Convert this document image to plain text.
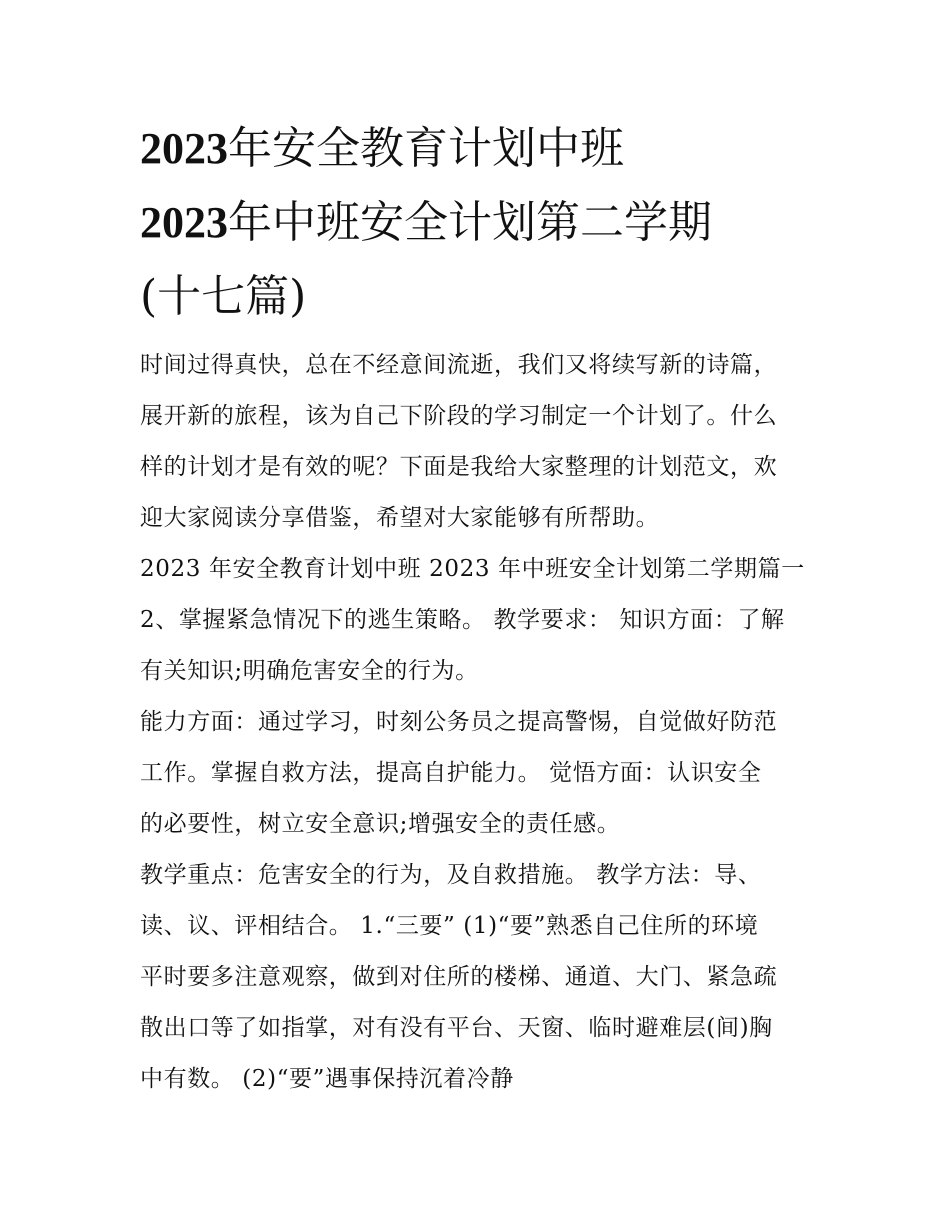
2023年安全教育计划中班
2023年中班安全计划第二学期
(十七篇)

时间过得真快，总在不经意间流逝，我们又将续写新的诗篇，
展开新的旅程，该为自己下阶段的学习制定一个计划了。什么
样的计划才是有效的呢？下面是我给大家整理的计划范文，欢
迎大家阅读分享借鉴，希望对大家能够有所帮助。

2023 年安全教育计划中班 2023 年中班安全计划第二学期篇一

2、掌握紧急情况下的逃生策略。 教学要求： 知识方面：了解
有关知识;明确危害安全的行为。

能力方面：通过学习，时刻公务员之提高警惕，自觉做好防范
工作。掌握自救方法，提高自护能力。 觉悟方面：认识安全
的必要性，树立安全意识;增强安全的责任感。

教学重点：危害安全的行为，及自救措施。 教学方法：导、
读、议、评相结合。 1.“三要” (1)“要”熟悉自己住所的环境

平时要多注意观察，做到对住所的楼梯、通道、大门、紧急疏
散出口等了如指掌，对有没有平台、天窗、临时避难层(间)胸
中有数。 (2)“要”遇事保持沉着冷静
